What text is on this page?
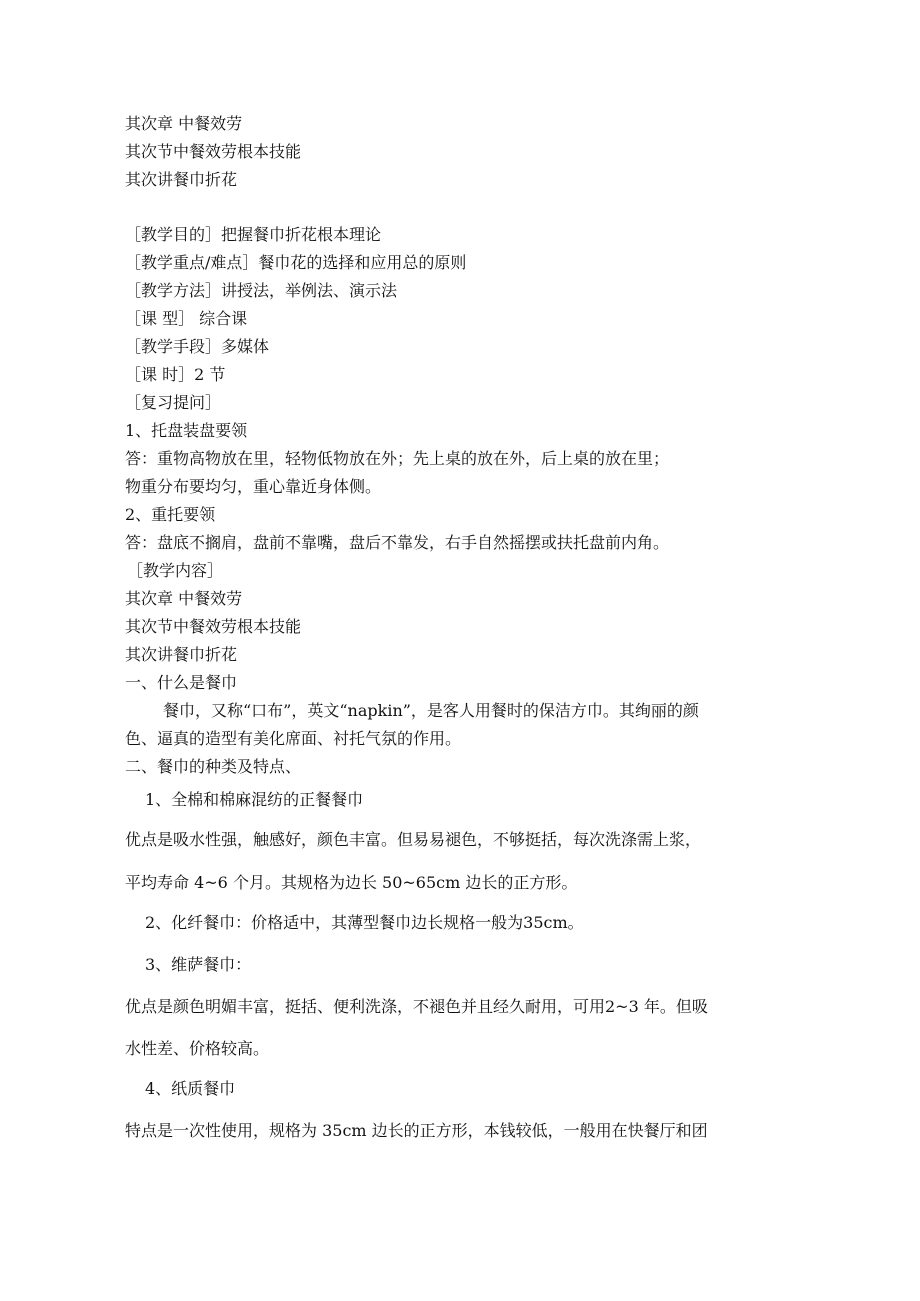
其次章 中餐效劳
其次节中餐效劳根本技能
其次讲餐巾折花
［教学目的］把握餐巾折花根本理论
［教学重点/难点］餐巾花的选择和应用总的原则
［教学方法］讲授法，举例法、演示法
［课 型］ 综合课
［教学手段］多媒体
［课 时］2 节
［复习提问］
1、托盘装盘要领
答：重物高物放在里，轻物低物放在外；先上桌的放在外，后上桌的放在里；
物重分布要均匀，重心靠近身体侧。
2、重托要领
答：盘底不搁肩，盘前不靠嘴，盘后不靠发，右手自然摇摆或扶托盘前内角。
［教学内容］
其次章 中餐效劳
其次节中餐效劳根本技能
其次讲餐巾折花
一、什么是餐巾
餐巾，又称“口布”，英文“napkin”，是客人用餐时的保洁方巾。其绚丽的颜
色、逼真的造型有美化席面、衬托气氛的作用。
二、餐巾的种类及特点、
1、全棉和棉麻混纺的正餐餐巾
优点是吸水性强，触感好，颜色丰富。但易易褪色，不够挺括，每次洗涤需上浆，
平均寿命 4~6 个月。其规格为边长 50~65cm 边长的正方形。
2、化纤餐巾：价格适中，其薄型餐巾边长规格一般为35cm。
3、维萨餐巾：
优点是颜色明媚丰富，挺括、便利洗涤，不褪色并且经久耐用，可用2~3 年。但吸
水性差、价格较高。
4、纸质餐巾
特点是一次性使用，规格为 35cm 边长的正方形，本钱较低，一般用在快餐厅和团
